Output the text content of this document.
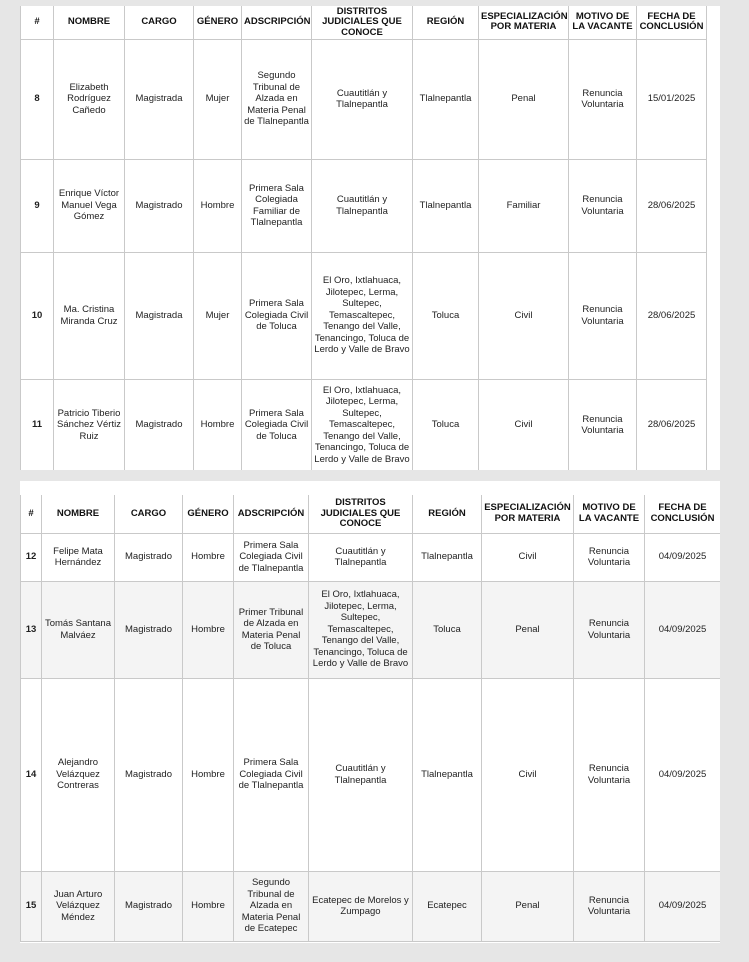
#	NOMBRE	CARGO	GÉNERO	ADSCRIPCIÓN	DISTRITOS JUDICIALES QUE CONOCE	REGIÓN	ESPECIALIZACIÓN POR MATERIA	MOTIVO DE LA VACANTE	FECHA DE CONCLUSIÓN
8	Elizabeth Rodríguez Cañedo	Magistrada	Mujer	Segundo Tribunal de Alzada en Materia Penal de Tlalnepantla	Cuautitlán y Tlalnepantla	Tlalnepantla	Penal	Renuncia Voluntaria	15/01/2025
9	Enrique Víctor Manuel Vega Gómez	Magistrado	Hombre	Primera Sala Colegiada Familiar de Tlalnepantla	Cuautitlán y Tlalnepantla	Tlalnepantla	Familiar	Renuncia Voluntaria	28/06/2025
10	Ma. Cristina Miranda Cruz	Magistrada	Mujer	Primera Sala Colegiada Civil de Toluca	El Oro, Ixtlahuaca, Jilotepec, Lerma, Sultepec, Temascaltepec, Tenango del Valle, Tenancingo, Toluca de Lerdo y Valle de Bravo	Toluca	Civil	Renuncia Voluntaria	28/06/2025
11	Patricio Tiberio Sánchez Vértiz Ruiz	Magistrado	Hombre	Primera Sala Colegiada Civil de Toluca	El Oro, Ixtlahuaca, Jilotepec, Lerma, Sultepec, Temascaltepec, Tenango del Valle, Tenancingo, Toluca de Lerdo y Valle de Bravo	Toluca	Civil	Renuncia Voluntaria	28/06/2025
#	NOMBRE	CARGO	GÉNERO	ADSCRIPCIÓN	DISTRITOS JUDICIALES QUE CONOCE	REGIÓN	ESPECIALIZACIÓN POR MATERIA	MOTIVO DE LA VACANTE	FECHA DE CONCLUSIÓN
12	Felipe Mata Hernández	Magistrado	Hombre	Primera Sala Colegiada Civil de Tlalnepantla	Cuautitlán y Tlalnepantla	Tlalnepantla	Civil	Renuncia Voluntaria	04/09/2025
13	Tomás Santana Malváez	Magistrado	Hombre	Primer Tribunal de Alzada en Materia Penal de Toluca	El Oro, Ixtlahuaca, Jilotepec, Lerma, Sultepec, Temascaltepec, Tenango del Valle, Tenancingo, Toluca de Lerdo y Valle de Bravo	Toluca	Penal	Renuncia Voluntaria	04/09/2025
14	Alejandro Velázquez Contreras	Magistrado	Hombre	Primera Sala Colegiada Civil de Tlalnepantla	Cuautitlán y Tlalnepantla	Tlalnepantla	Civil	Renuncia Voluntaria	04/09/2025
15	Juan Arturo Velázquez Méndez	Magistrado	Hombre	Segundo Tribunal de Alzada en Materia Penal de Ecatepec	Ecatepec de Morelos y Zumpago	Ecatepec	Penal	Renuncia Voluntaria	04/09/2025
